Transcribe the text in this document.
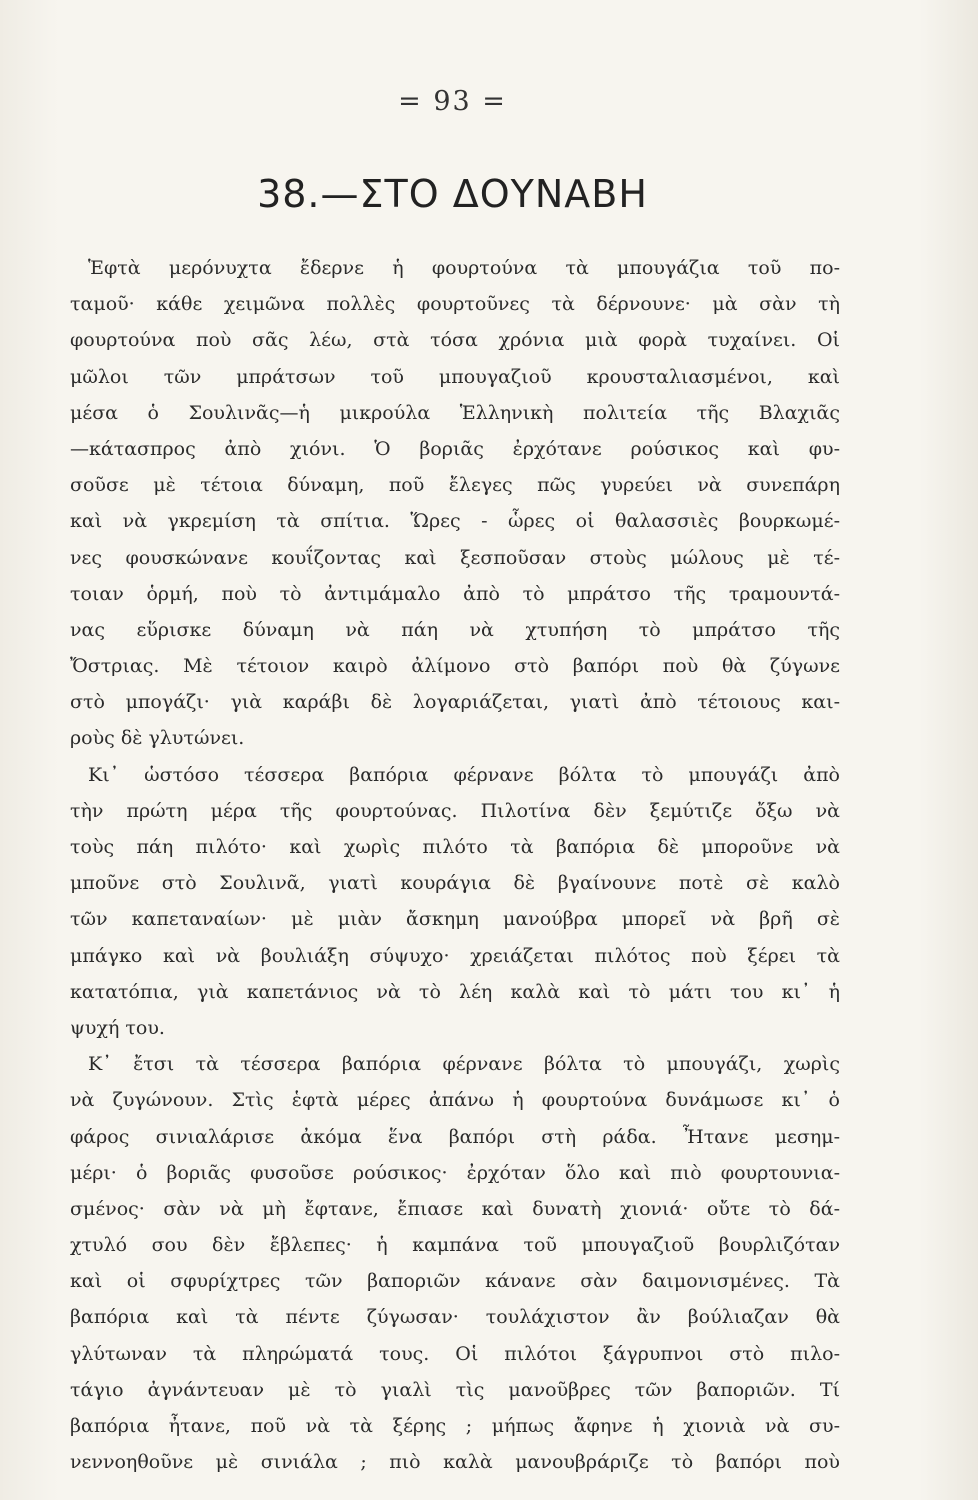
= 93 =
38.—ΣΤΟ ΔΟΥΝΑΒΗ
Ἑφτὰ μερόνυχτα ἔδερνε ἡ φουρτούνα τὰ μπουγάζια τοῦ πο-
ταμοῦ· κάθε χειμῶνα πολλὲς φουρτοῦνες τὰ δέρνουνε· μὰ σὰν τὴ
φουρτούνα ποὺ σᾶς λέω, στὰ τόσα χρόνια μιὰ φορὰ τυχαίνει. Οἱ
μῶλοι τῶν μπράτσων τοῦ μπουγαζιοῦ κρουσταλιασμένοι, καὶ
μέσα ὁ Σουλινᾶς—ἡ μικρούλα Ἑλληνικὴ πολιτεία τῆς Βλαχιᾶς
—κάτασπρος ἀπὸ χιόνι. Ὁ βοριᾶς ἐρχότανε ρούσικος καὶ φυ-
σοῦσε μὲ τέτοια δύναμη, ποῦ ἔλεγες πῶς γυρεύει νὰ συνεπάρη
καὶ νὰ γκρεμίση τὰ σπίτια. Ὥρες - ὧρες οἱ θαλασσιὲς βουρκωμέ-
νες φουσκώνανε κουΐζοντας καὶ ξεσποῦσαν στοὺς μώλους μὲ τέ-
τοιαν ὁρμή, ποὺ τὸ ἀντιμάμαλο ἀπὸ τὸ μπράτσο τῆς τραμουντά-
νας εὕρισκε δύναμη νὰ πάη νὰ χτυπήση τὸ μπράτσο τῆς
Ὄστριας. Μὲ τέτοιον καιρὸ ἀλίμονο στὸ βαπόρι ποὺ θὰ ζύγωνε
στὸ μπογάζι· γιὰ καράβι δὲ λογαριάζεται, γιατὶ ἀπὸ τέτοιους και-
ροὺς δὲ γλυτώνει.
Κι᾽ ὡστόσο τέσσερα βαπόρια φέρνανε βόλτα τὸ μπουγάζι ἀπὸ
τὴν πρώτη μέρα τῆς φουρτούνας. Πιλοτίνα δὲν ξεμύτιζε ὄξω νὰ
τοὺς πάη πιλότο· καὶ χωρὶς πιλότο τὰ βαπόρια δὲ μποροῦνε νὰ
μποῦνε στὸ Σουλινᾶ, γιατὶ κουράγια δὲ βγαίνουνε ποτὲ σὲ καλὸ
τῶν καπεταναίων· μὲ μιὰν ἄσκημη μανούβρα μπορεῖ νὰ βρῆ σὲ
μπάγκο καὶ νὰ βουλιάξη σύψυχο· χρειάζεται πιλότος ποὺ ξέρει τὰ
κατατόπια, γιὰ καπετάνιος νὰ τὸ λέη καλὰ καὶ τὸ μάτι του κι᾽ ἡ
ψυχή του.
Κ᾽ ἔτσι τὰ τέσσερα βαπόρια φέρνανε βόλτα τὸ μπουγάζι, χωρὶς
νὰ ζυγώνουν. Στὶς ἑφτὰ μέρες ἀπάνω ἡ φουρτούνα δυνάμωσε κι᾽ ὁ
φάρος σινιαλάρισε ἀκόμα ἕνα βαπόρι στὴ ράδα. Ἦτανε μεσημ-
μέρι· ὁ βοριᾶς φυσοῦσε ρούσικος· ἐρχόταν ὅλο καὶ πιὸ φουρτουνια-
σμένος· σὰν νὰ μὴ ἔφτανε, ἔπιασε καὶ δυνατὴ χιονιά· οὔτε τὸ δά-
χτυλό σου δὲν ἔβλεπες· ἡ καμπάνα τοῦ μπουγαζιοῦ βουρλιζόταν
καὶ οἱ σφυρίχτρες τῶν βαποριῶν κάνανε σὰν δαιμονισμένες. Τὰ
βαπόρια καὶ τὰ πέντε ζύγωσαν· τουλάχιστον ἂν βούλιαζαν θὰ
γλύτωναν τὰ πληρώματά τους. Οἱ πιλότοι ξάγρυπνοι στὸ πιλο-
τάγιο ἀγνάντευαν μὲ τὸ γιαλὶ τὶς μανοῦβρες τῶν βαποριῶν. Τί
βαπόρια ἦτανε, ποῦ νὰ τὰ ξέρης ; μήπως ἄφηνε ἡ χιονιὰ νὰ συ-
νεννοηθοῦνε μὲ σινιάλα ; πιὸ καλὰ μανουβράριζε τὸ βαπόρι ποὺ
